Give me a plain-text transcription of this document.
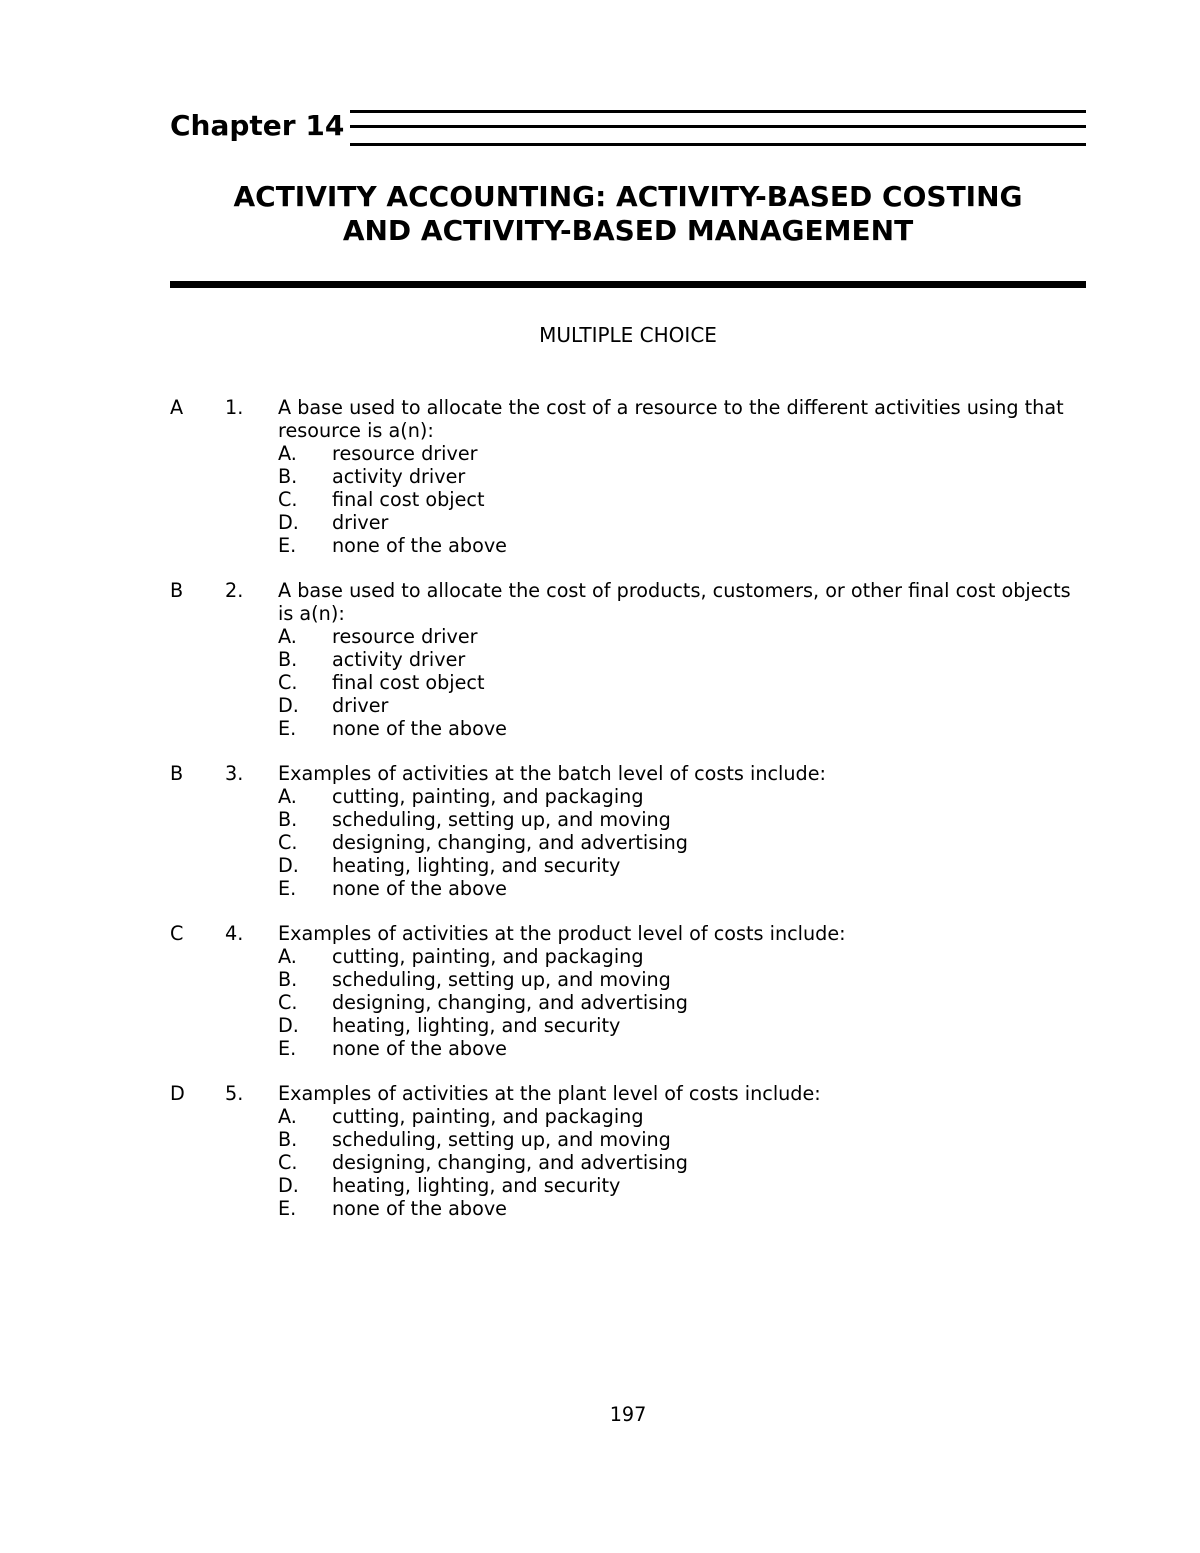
Chapter 14
ACTIVITY ACCOUNTING: ACTIVITY-BASED COSTING
AND ACTIVITY-BASED MANAGEMENT
MULTIPLE CHOICE
A 1. A base used to allocate the cost of a resource to the different activities using that resource is a(n):
A. resource driver
B. activity driver
C. final cost object
D. driver
E. none of the above
B 2. A base used to allocate the cost of products, customers, or other final cost objects is a(n):
A. resource driver
B. activity driver
C. final cost object
D. driver
E. none of the above
B 3. Examples of activities at the batch level of costs include:
A. cutting, painting, and packaging
B. scheduling, setting up, and moving
C. designing, changing, and advertising
D. heating, lighting, and security
E. none of the above
C 4. Examples of activities at the product level of costs include:
A. cutting, painting, and packaging
B. scheduling, setting up, and moving
C. designing, changing, and advertising
D. heating, lighting, and security
E. none of the above
D 5. Examples of activities at the plant level of costs include:
A. cutting, painting, and packaging
B. scheduling, setting up, and moving
C. designing, changing, and advertising
D. heating, lighting, and security
E. none of the above
197
